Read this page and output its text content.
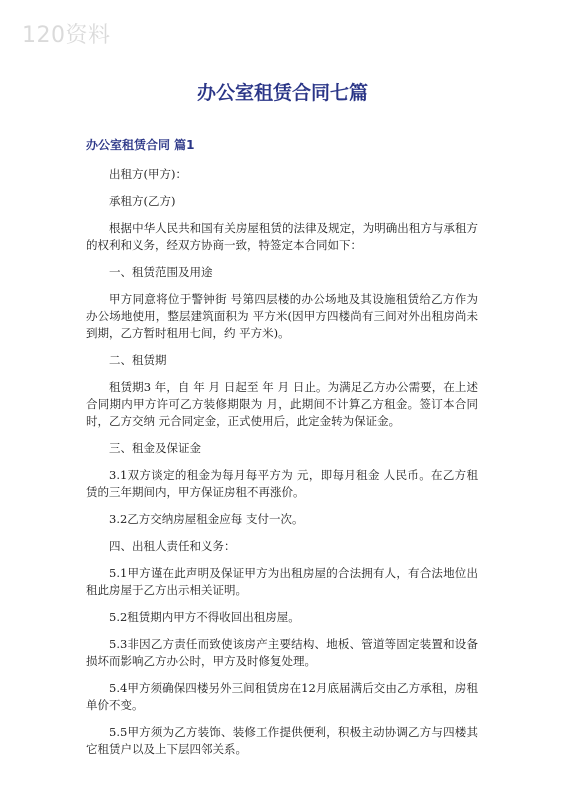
120资料
办公室租赁合同七篇
办公室租赁合同 篇1

出租方(甲方)：

承租方(乙方)

根据中华人民共和国有关房屋租赁的法律及规定，为明确出租方与承租方的权利和义务，经双方协商一致，特签定本合同如下：

一、租赁范围及用途

甲方同意将位于警钟街 号第四层楼的办公场地及其设施租赁给乙方作为办公场地使用，整层建筑面积为 平方米(因甲方四楼尚有三间对外出租房尚未到期，乙方暂时租用七间，约 平方米)。

二、租赁期

租赁期3 年，自 年 月 日起至 年 月 日止。为满足乙方办公需要，在上述合同期内甲方许可乙方装修期限为 月，此期间不计算乙方租金。签订本合同时，乙方交纳 元合同定金，正式使用后，此定金转为保证金。

三、租金及保证金

3.1双方谈定的租金为每月每平方为 元，即每月租金 人民币。在乙方租赁的三年期间内，甲方保证房租不再涨价。

3.2乙方交纳房屋租金应每 支付一次。

四、出租人责任和义务：

5.1甲方谨在此声明及保证甲方为出租房屋的合法拥有人，有合法地位出租此房屋于乙方出示相关证明。

5.2租赁期内甲方不得收回出租房屋。

5.3非因乙方责任而致使该房产主要结构、地板、管道等固定装置和设备损坏而影响乙方办公时，甲方及时修复处理。

5.4甲方须确保四楼另外三间租赁房在12月底届满后交由乙方承租，房租单价不变。

5.5甲方须为乙方装饰、装修工作提供便利，积极主动协调乙方与四楼其它租赁户以及上下层四邻关系。
